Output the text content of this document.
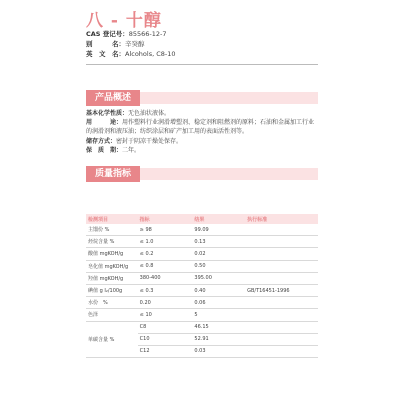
八 - 十醇
CAS 登记号：85566-12-7
别　　　名：辛癸醇
英　文　名：Alcohols, C8-10
产品概述
基本化学性质：无色油状液体。
用　　　途：用作塑料行业润滑增塑剂、稳定剂和阻燃剂的原料；石油和金属加工行业的润滑剂和液压油；纺织涂层和矿产加工用的表面活性剂等。
储存方式：密封于阴凉干燥处保存。
保　质　期：二年。
质量指标
检测项目	指标	结果	执行标准
主馏份 %	≥ 98	99.09	
烃烷含量 %	≤ 1.0	0.13	
酸值 mgKOH/g	≤ 0.2	0.02	
皂化值 mgKOH/g	≤ 0.8	0.50	
羟值 mgKOH/g	380-400	395.00	
碘值 g I₂/100g	≤ 0.3	0.40	GB/T16451-1996
水份　%	0.20	0.06	
色泽	≤ 10	5	
单碳含量 %	C8	46.15	
	C10	52.91	
	C12	0.03	
